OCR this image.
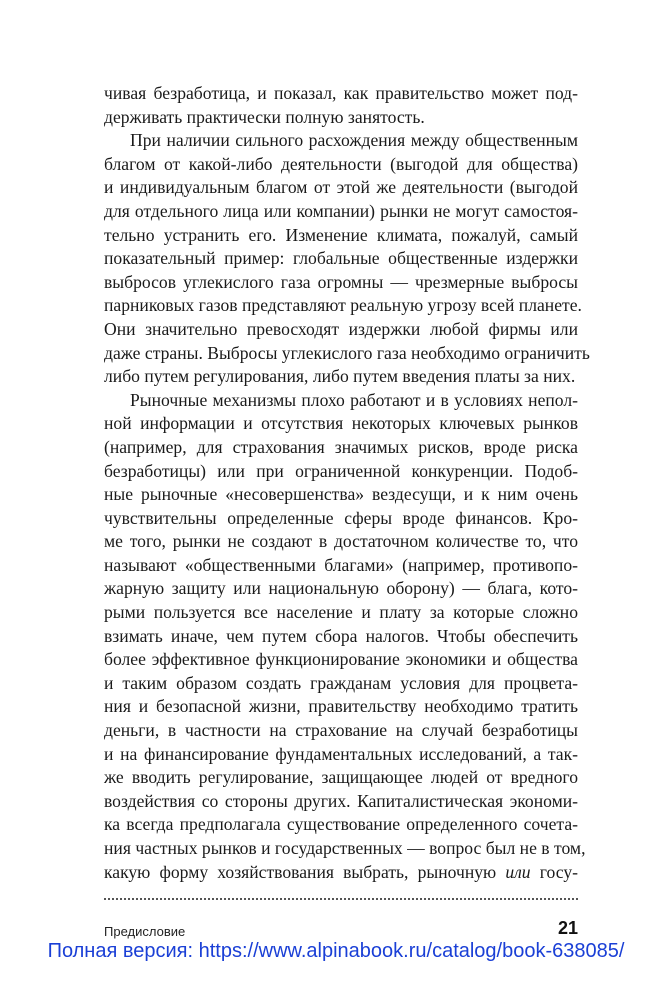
чивая безработица, и показал, как правительство может под-
держивать практически полную занятость.
При наличии сильного расхождения между общественным
благом от какой-либо деятельности (выгодой для общества)
и индивидуальным благом от этой же деятельности (выгодой
для отдельного лица или компании) рынки не могут самостоя-
тельно устранить его. Изменение климата, пожалуй, самый
показательный пример: глобальные общественные издержки
выбросов углекислого газа огромны — чрезмерные выбросы
парниковых газов представляют реальную угрозу всей планете.
Они значительно превосходят издержки любой фирмы или
даже страны. Выбросы углекислого газа необходимо ограничить
либо путем регулирования, либо путем введения платы за них.
Рыночные механизмы плохо работают и в условиях непол-
ной информации и отсутствия некоторых ключевых рынков
(например, для страхования значимых рисков, вроде риска
безработицы) или при ограниченной конкуренции. Подоб-
ные рыночные «несовершенства» вездесущи, и к ним очень
чувствительны определенные сферы вроде финансов. Кро-
ме того, рынки не создают в достаточном количестве то, что
называют «общественными благами» (например, противопо-
жарную защиту или национальную оборону) — блага, кото-
рыми пользуется все население и плату за которые сложно
взимать иначе, чем путем сбора налогов. Чтобы обеспечить
более эффективное функционирование экономики и общества
и таким образом создать гражданам условия для процвета-
ния и безопасной жизни, правительству необходимо тратить
деньги, в частности на страхование на случай безработицы
и на финансирование фундаментальных исследований, а так-
же вводить регулирование, защищающее людей от вредного
воздействия со стороны других. Капиталистическая экономи-
ка всегда предполагала существование определенного сочета-
ния частных рынков и государственных — вопрос был не в том,
какую форму хозяйствования выбрать, рыночную или госу-
Предисловие	21
Полная версия: https://www.alpinabook.ru/catalog/book-638085/
